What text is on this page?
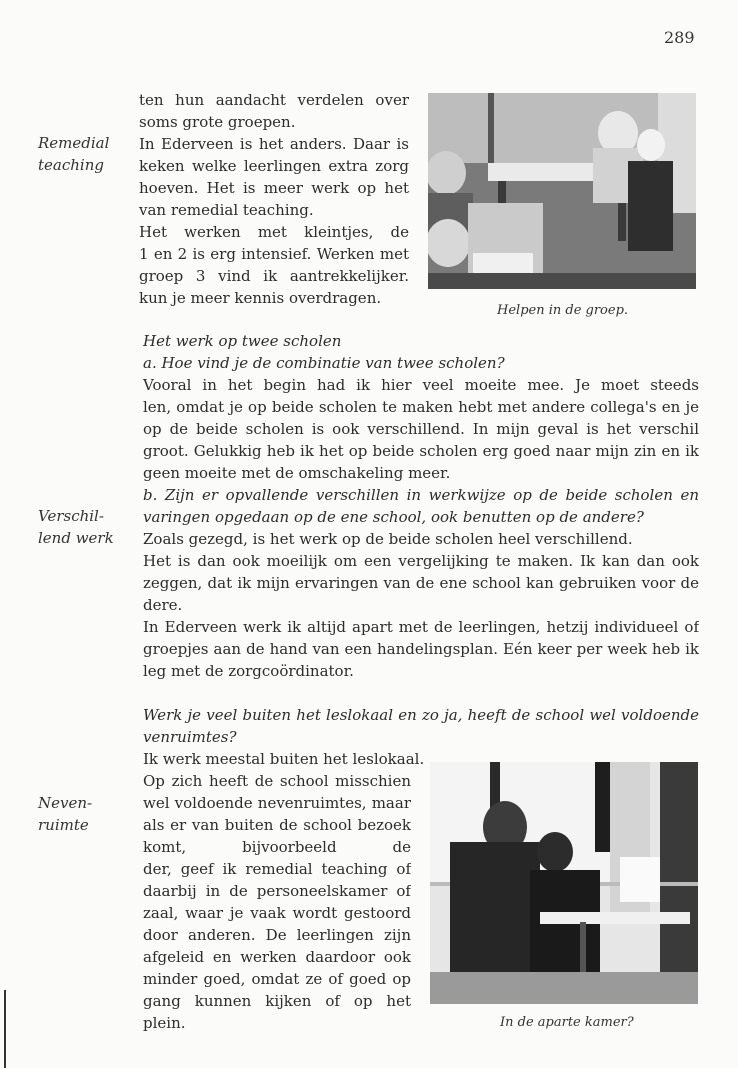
289
Remedial
teaching
Verschil-
lend werk
Neven-
ruimte
ten hun aandacht verdelen over
soms grote groepen.
In Ederveen is het anders. Daar is
keken welke leerlingen extra zorg
hoeven. Het is meer werk op het
van remedial teaching.
Het werken met kleintjes, de
1 en 2 is erg intensief. Werken met
groep 3 vind ik aantrekkelijker.
kun je meer kennis overdragen.
Helpen in de groep.
Het werk op twee scholen
a. Hoe vind je de combinatie van twee scholen?
Vooral in het begin had ik hier veel moeite mee. Je moet steeds
len, omdat je op beide scholen te maken hebt met andere collega's en je
op de beide scholen is ook verschillend. In mijn geval is het verschil
groot. Gelukkig heb ik het op beide scholen erg goed naar mijn zin en ik
geen moeite met de omschakeling meer.
b. Zijn er opvallende verschillen in werkwijze op de beide scholen en
varingen opgedaan op de ene school, ook benutten op de andere?
Zoals gezegd, is het werk op de beide scholen heel verschillend.
Het is dan ook moeilijk om een vergelijking te maken. Ik kan dan ook
zeggen, dat ik mijn ervaringen van de ene school kan gebruiken voor de
dere.
In Ederveen werk ik altijd apart met de leerlingen, hetzij individueel of
groepjes aan de hand van een handelingsplan. Eén keer per week heb ik
leg met de zorgcoördinator.
Werk je veel buiten het leslokaal en zo ja, heeft de school wel voldoende
venruimtes?
Ik werk meestal buiten het leslokaal.
Op zich heeft de school misschien
wel voldoende nevenruimtes, maar
als er van buiten de school bezoek
komt, bijvoorbeeld de
der, geef ik remedial teaching of
daarbij in de personeelskamer of
zaal, waar je vaak wordt gestoord
door anderen. De leerlingen zijn
afgeleid en werken daardoor ook
minder goed, omdat ze of goed op
gang kunnen kijken of op het
plein.	In de aparte kamer?
